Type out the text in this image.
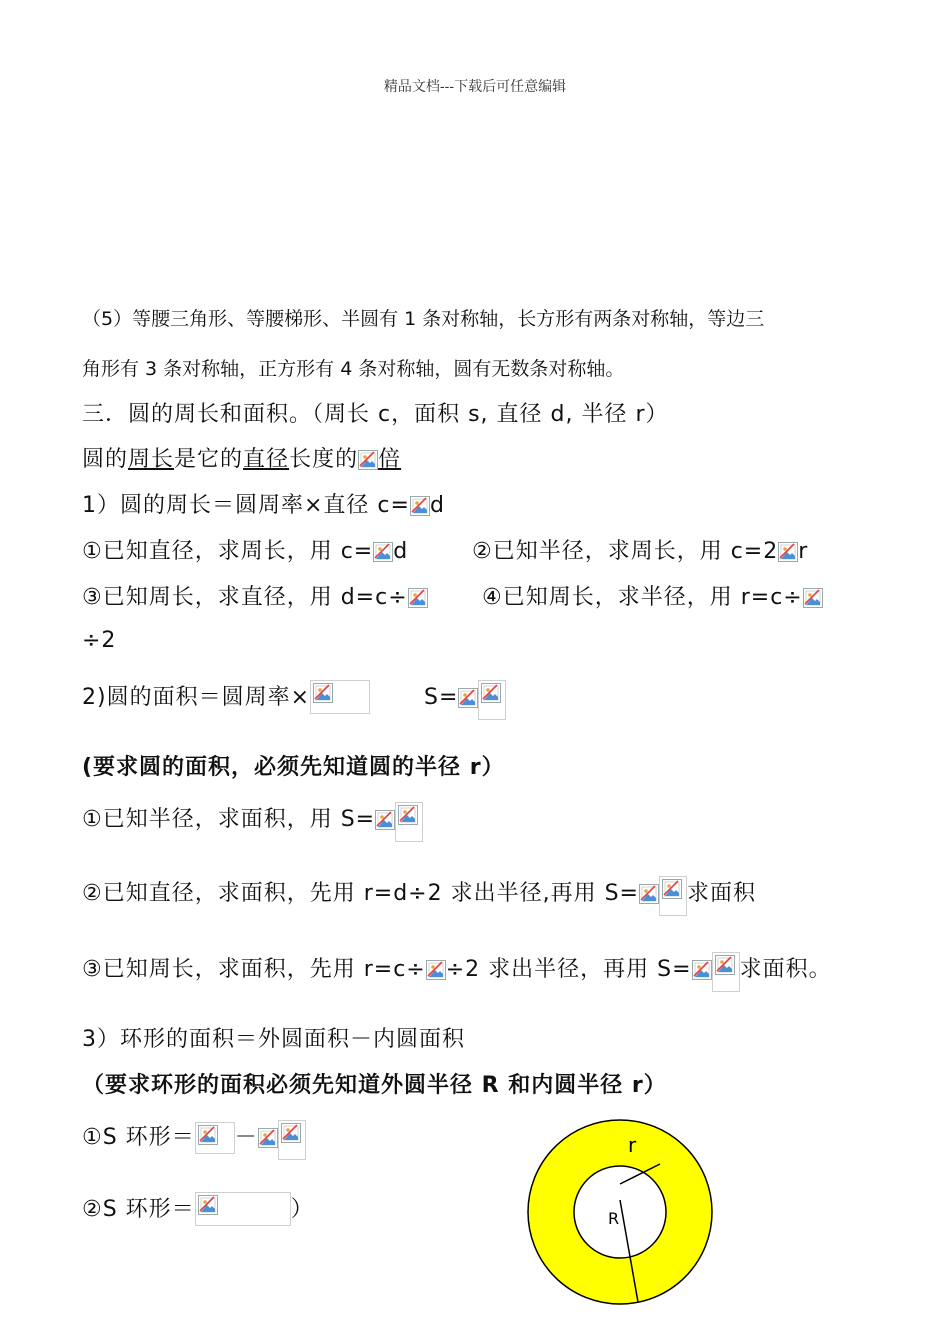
精品文档---下载后可任意编辑
（5）等腰三角形、等腰梯形、半圆有 1 条对称轴，长方形有两条对称轴，等边三
角形有 3 条对称轴，正方形有 4 条对称轴，圆有无数条对称轴。
三．圆的周长和面积。（周长 c，面积 s, 直径 d, 半径 r）
圆的周长是它的直径长度的 倍
1）圆的周长＝圆周率×直径 c= d
①已知直径，求周长，用 c= d	②已知半径，求周长，用 c=2 r
③已知周长，求直径，用 d=c÷	④已知周长，求半径，用 r=c÷
÷2
2)圆的面积＝圆周率×	S=
(要求圆的面积，必须先知道圆的半径 r）
①已知半径，求面积，用 S=
②已知直径，求面积，先用 r=d÷2 求出半径,再用 S= 求面积
③已知周长，求面积，先用 r=c÷ ÷2 求出半径，再用 S= 求面积。
3）环形的面积＝外圆面积－内圆面积
（要求环形的面积必须先知道外圆半径 R 和内圆半径 r）
①S 环形＝ －
②S 环形＝	）
r
R
